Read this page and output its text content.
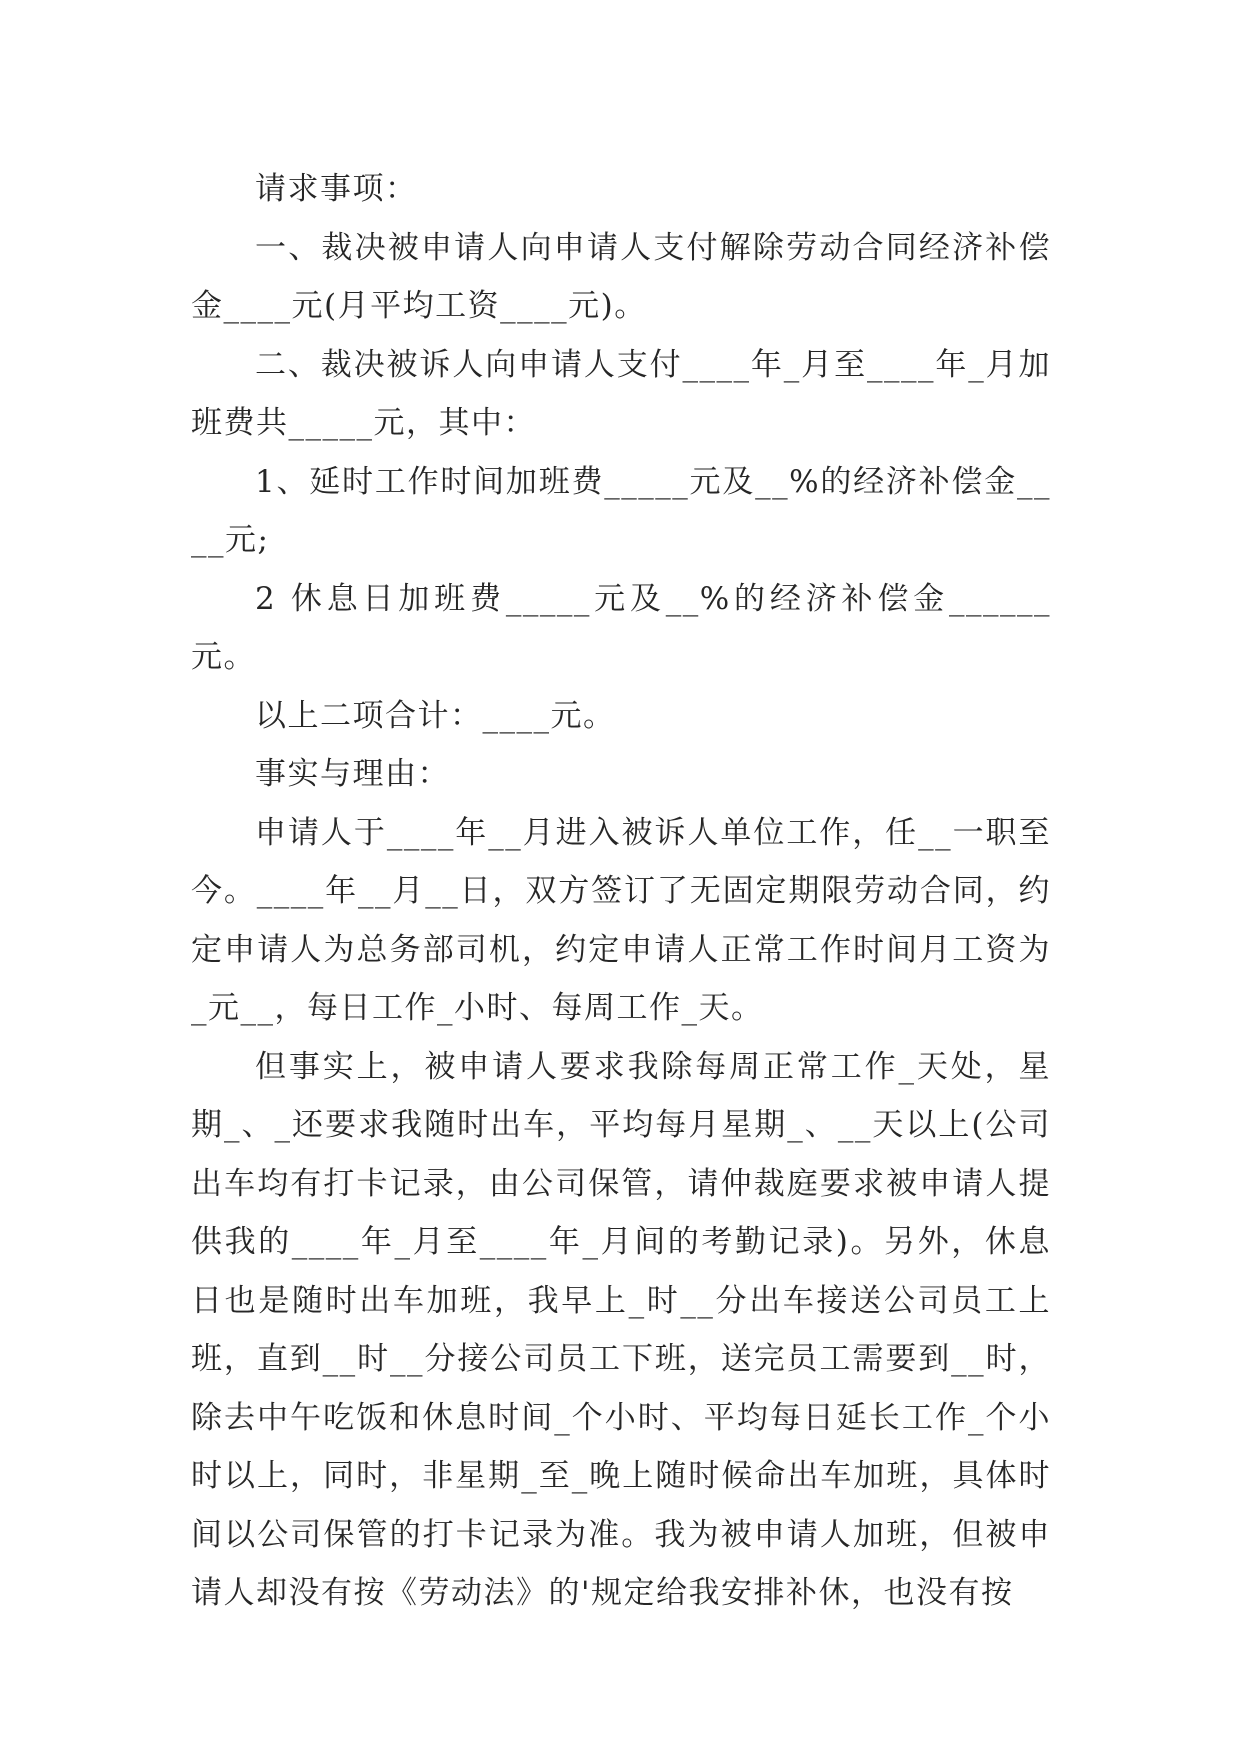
请求事项：

一、裁决被申请人向申请人支付解除劳动合同经济补偿金____元(月平均工资____元)。

二、裁决被诉人向申请人支付____年_月至____年_月加班费共_____元，其中：

1、延时工作时间加班费_____元及__%的经济补偿金____元;

2 休息日加班费_____元及__%的经济补偿金______元。

以上二项合计：____元。

事实与理由：

申请人于____年__月进入被诉人单位工作，任__一职至今。____年__月__日，双方签订了无固定期限劳动合同，约定申请人为总务部司机，约定申请人正常工作时间月工资为_元__，每日工作_小时、每周工作_天。

但事实上，被申请人要求我除每周正常工作_天处，星期_、_还要求我随时出车，平均每月星期_、__天以上(公司出车均有打卡记录，由公司保管，请仲裁庭要求被申请人提供我的____年_月至____年_月间的考勤记录)。另外，休息日也是随时出车加班，我早上_时__分出车接送公司员工上班，直到__时__分接公司员工下班，送完员工需要到__时，除去中午吃饭和休息时间_个小时、平均每日延长工作_个小时以上，同时，非星期_至_晚上随时候命出车加班，具体时间以公司保管的打卡记录为准。我为被申请人加班，但被申请人却没有按《劳动法》的'规定给我安排补休，也没有按
